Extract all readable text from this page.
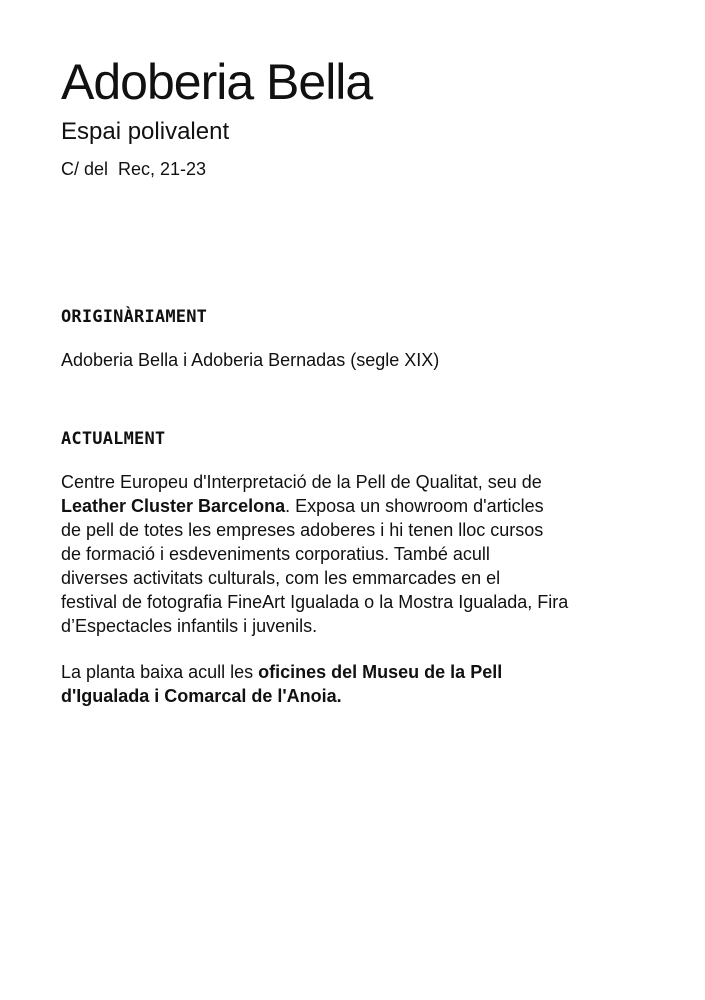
Adoberia Bella

Espai polivalent

C/ del  Rec, 21-23

ORIGINÀRIAMENT

Adoberia Bella i Adoberia Bernadas (segle XIX)

ACTUALMENT

Centre Europeu d'Interpretació de la Pell de Qualitat, seu de
Leather Cluster Barcelona. Exposa un showroom d'articles
de pell de totes les empreses adoberes i hi tenen lloc cursos
de formació i esdeveniments corporatius. També acull
diverses activitats culturals, com les emmarcades en el
festival de fotografia FineArt Igualada o la Mostra Igualada, Fira
d’Espectacles infantils i juvenils.

La planta baixa acull les oficines del Museu de la Pell
d'Igualada i Comarcal de l'Anoia.
